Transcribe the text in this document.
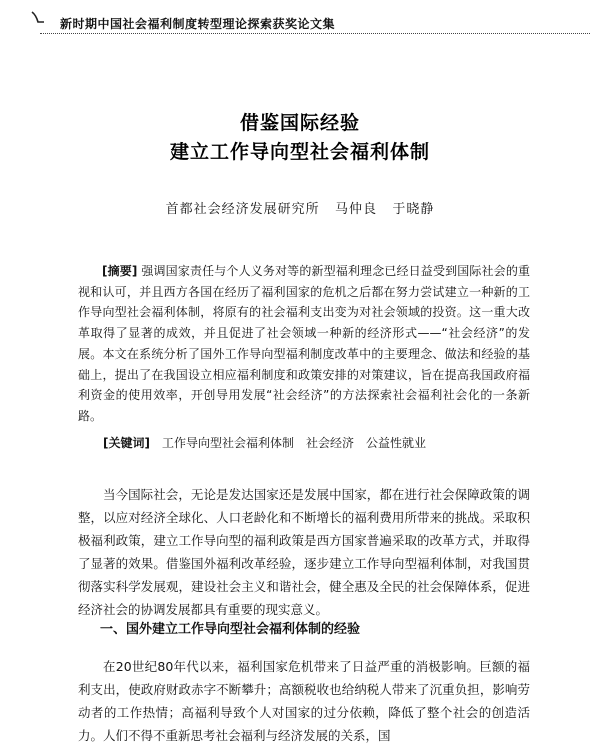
新时期中国社会福利制度转型理论探索获奖论文集
借鉴国际经验
建立工作导向型社会福利体制
首都社会经济发展研究所   马仲良   于晓静
[摘要] 强调国家责任与个人义务对等的新型福利理念已经日益受到国际社会的重视和认可，并且西方各国在经历了福利国家的危机之后都在努力尝试建立一种新的工作导向型社会福利体制，将原有的社会福利支出变为对社会领域的投资。这一重大改革取得了显著的成效，并且促进了社会领域一种新的经济形式——“社会经济”的发展。本文在系统分析了国外工作导向型福利制度改革中的主要理念、做法和经验的基础上，提出了在我国设立相应福利制度和政策安排的对策建议，旨在提高我国政府福利资金的使用效率，开创导用发展“社会经济”的方法探索社会福利社会化的一条新路。
[关键词] 工作导向型社会福利体制 社会经济 公益性就业
当今国际社会，无论是发达国家还是发展中国家，都在进行社会保障政策的调整，以应对经济全球化、人口老龄化和不断增长的福利费用所带来的挑战。采取积极福利政策，建立工作导向型的福利政策是西方国家普遍采取的改革方式，并取得了显著的效果。借鉴国外福利改革经验，逐步建立工作导向型福利体制，对我国贯彻落实科学发展观，建设社会主义和谐社会，健全惠及全民的社会保障体系，促进经济社会的协调发展都具有重要的现实意义。
一、国外建立工作导向型社会福利体制的经验
在20世纪80年代以来，福利国家危机带来了日益严重的消极影响。巨额的福利支出，使政府财政赤字不断攀升；高额税收也给纳税人带来了沉重负担，影响劳动者的工作热情；高福利导致个人对国家的过分依赖，降低了整个社会的创造活力。人们不得不重新思考社会福利与经济发展的关系，国
